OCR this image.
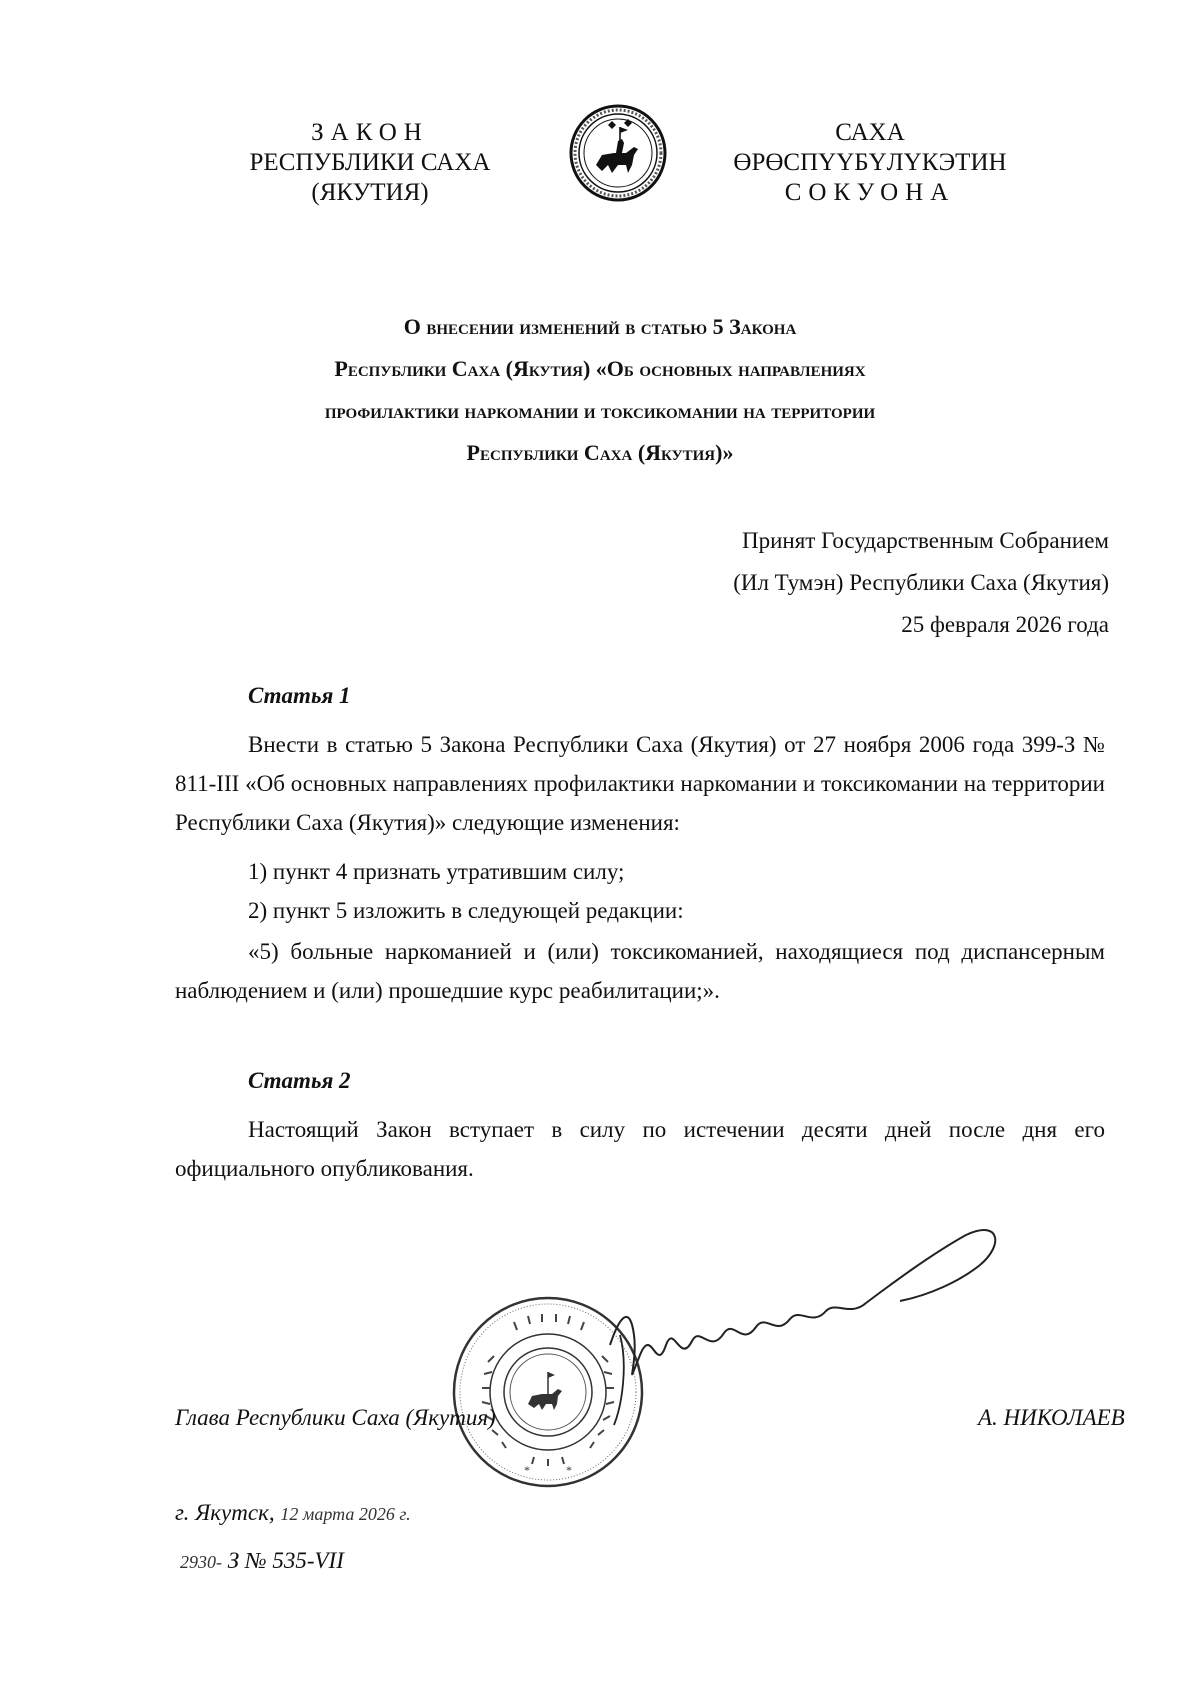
ЗАКОН
РЕСПУБЛИКИ САХА (ЯКУТИЯ)
САХА ӨРӨСПҮҮБҮЛҮКЭТИН
СОКУОНА
О внесении изменений в статью 5 Закона
Республики Саха (Якутия) «Об основных направлениях
профилактики наркомании и токсикомании на территории
Республики Саха (Якутия)»
Принят Государственным Собранием
(Ил Тумэн) Республики Саха (Якутия)
25 февраля 2026 года
Статья 1
Внести в статью 5 Закона Республики Саха (Якутия) от 27 ноября 2006 года 399-З № 811-III «Об основных направлениях профилактики наркомании и токсикомании на территории Республики Саха (Якутия)» следующие изменения:
1) пункт 4 признать утратившим силу;
2) пункт 5 изложить в следующей редакции:
«5) больные наркоманией и (или) токсикоманией, находящиеся под диспансерным наблюдением и (или) прошедшие курс реабилитации;».
Статья 2
Настоящий Закон вступает в силу по истечении десяти дней после дня его официального опубликования.
*	*
Глава Республики Саха (Якутия)	А. НИКОЛАЕВ
г. Якутск, 12 марта 2026 г.
2930- З № 535-VII
